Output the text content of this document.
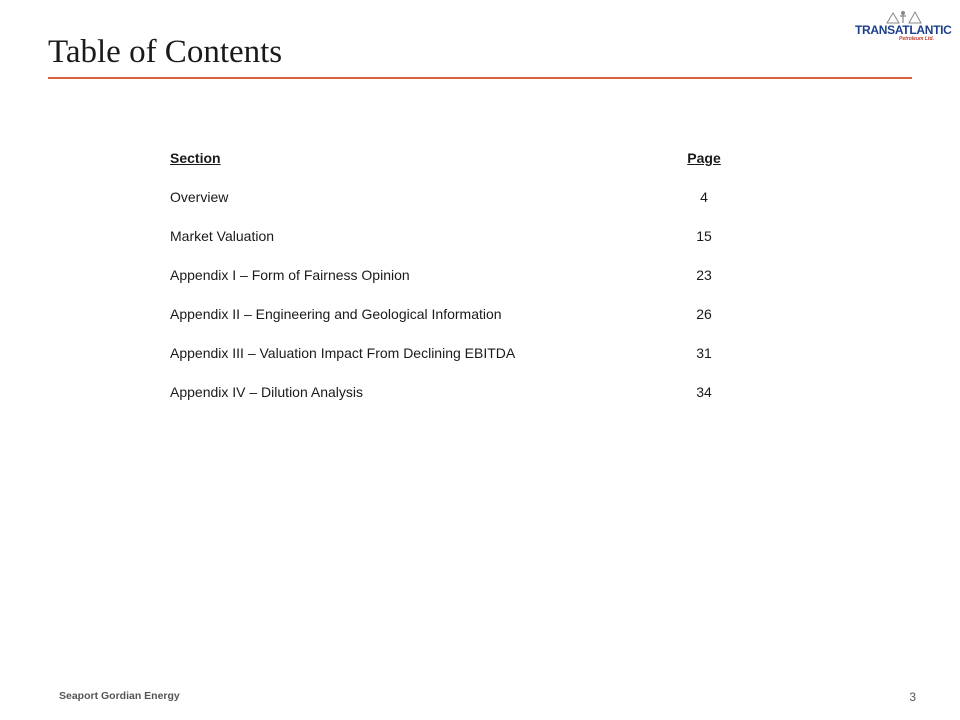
Table of Contents
TRANSATLANTIC
Petroleum Ltd.
Section	Page
Overview	4
Market Valuation	15
Appendix I – Form of Fairness Opinion	23
Appendix II – Engineering and Geological Information	26
Appendix III – Valuation Impact From Declining EBITDA	31
Appendix IV – Dilution Analysis	34
Seaport Gordian Energy	3
